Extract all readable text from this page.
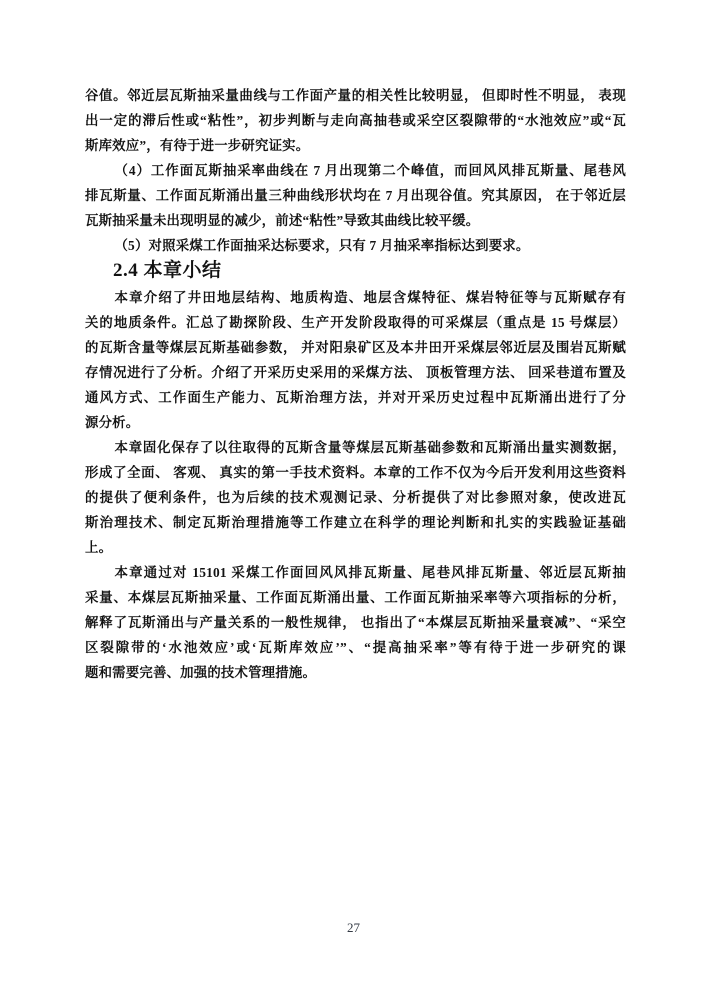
谷值。邻近层瓦斯抽采量曲线与工作面产量的相关性比较明显， 但即时性不明显， 表现

出一定的滞后性或“粘性”，初步判断与走向高抽巷或采空区裂隙带的“水池效应”或“瓦

斯库效应”，有待于进一步研究证实。

（4）工作面瓦斯抽采率曲线在 7 月出现第二个峰值，而回风风排瓦斯量、尾巷风

排瓦斯量、工作面瓦斯涌出量三种曲线形状均在 7 月出现谷值。究其原因， 在于邻近层

瓦斯抽采量未出现明显的减少，前述“粘性”导致其曲线比较平缓。

（5）对照采煤工作面抽采达标要求，只有 7 月抽采率指标达到要求。

2.4 本章小结

本章介绍了井田地层结构、地质构造、地层含煤特征、煤岩特征等与瓦斯赋存有

关的地质条件。汇总了勘探阶段、生产开发阶段取得的可采煤层（重点是 15 号煤层）

的瓦斯含量等煤层瓦斯基础参数， 并对阳泉矿区及本井田开采煤层邻近层及围岩瓦斯赋

存情况进行了分析。介绍了开采历史采用的采煤方法、 顶板管理方法、 回采巷道布置及

通风方式、工作面生产能力、瓦斯治理方法，并对开采历史过程中瓦斯涌出进行了分

源分析。

本章固化保存了以往取得的瓦斯含量等煤层瓦斯基础参数和瓦斯涌出量实测数据，

形成了全面、 客观、 真实的第一手技术资料。本章的工作不仅为今后开发利用这些资料

的提供了便利条件，也为后续的技术观测记录、分析提供了对比参照对象，使改进瓦

斯治理技术、制定瓦斯治理措施等工作建立在科学的理论判断和扎实的实践验证基础

上。

本章通过对 15101 采煤工作面回风风排瓦斯量、尾巷风排瓦斯量、邻近层瓦斯抽

采量、本煤层瓦斯抽采量、工作面瓦斯涌出量、工作面瓦斯抽采率等六项指标的分析，

解释了瓦斯涌出与产量关系的一般性规律， 也指出了“本煤层瓦斯抽采量衰减”、“采空

区裂隙带的‘水池效应’或‘瓦斯库效应’”、“提高抽采率”等有待于进一步研究的课

题和需要完善、加强的技术管理措施。

27
